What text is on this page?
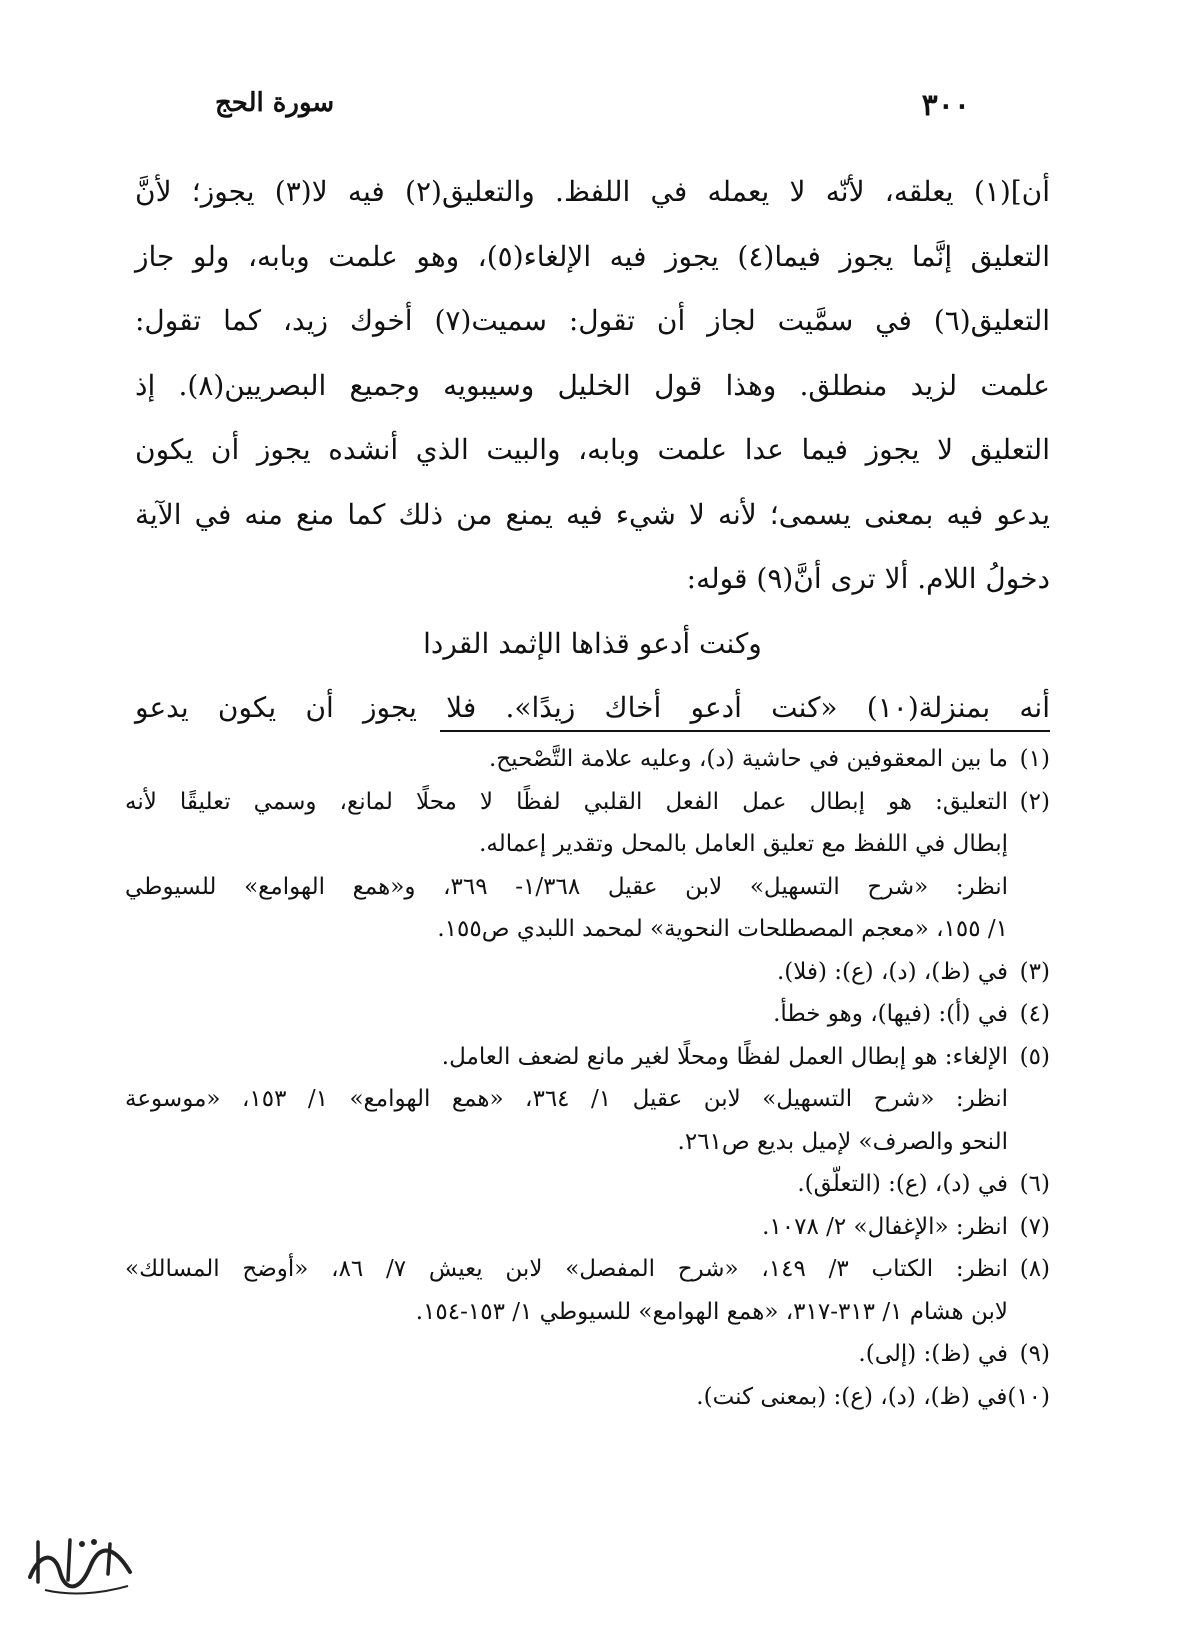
٣٠٠
سورة الحج
أن](١) يعلقه، لأنّه لا يعمله في اللفظ. والتعليق(٢) فيه لا(٣) يجوز؛ لأنَّ
التعليق إنَّما يجوز فيما(٤) يجوز فيه الإلغاء(٥)، وهو علمت وبابه، ولو جاز
التعليق(٦) في سمَّيت لجاز أن تقول: سميت(٧) أخوك زيد، كما تقول:
علمت لزيد منطلق. وهذا قول الخليل وسيبويه وجميع البصريين(٨). إذ
التعليق لا يجوز فيما عدا علمت وبابه، والبيت الذي أنشده يجوز أن يكون
يدعو فيه بمعنى يسمى؛ لأنه لا شيء فيه يمنع من ذلك كما منع منه في الآية
دخولُ اللام. ألا ترى أنَّ(٩) قوله:
وكنت أدعو قذاها الإثمد القردا
أنه بمنزلة(١٠) «كنت أدعو أخاك زيدًا». فلا يجوز أن يكون يدعو
(١)ما بين المعقوفين في حاشية (د)، وعليه علامة التَّصْحيح.
(٢)التعليق: هو إبطال عمل الفعل القلبي لفظًا لا محلًا لمانع، وسمي تعليقًا لأنه
إبطال في اللفظ مع تعليق العامل بالمحل وتقدير إعماله.
انظر: «شرح التسهيل» لابن عقيل ١/٣٦٨- ٣٦٩، و«همع الهوامع» للسيوطي
١/ ١٥٥، «معجم المصطلحات النحوية» لمحمد اللبدي ص١٥٥.
(٣)في (ظ)، (د)، (ع): (فلا).
(٤)في (أ): (فيها)، وهو خطأ.
(٥)الإلغاء: هو إبطال العمل لفظًا ومحلًا لغير مانع لضعف العامل.
انظر: «شرح التسهيل» لابن عقيل ١/ ٣٦٤، «همع الهوامع» ١/ ١٥٣، «موسوعة
النحو والصرف» لإميل بديع ص٢٦١.
(٦)في (د)، (ع): (التعلّق).
(٧)انظر: «الإغفال» ٢/ ١٠٧٨.
(٨)انظر: الكتاب ٣/ ١٤٩، «شرح المفصل» لابن يعيش ٧/ ٨٦، «أوضح المسالك»
لابن هشام ١/ ٣١٣-٣١٧، «همع الهوامع» للسيوطي ١/ ١٥٣-١٥٤.
(٩)في (ظ): (إلى).
(١٠)في (ظ)، (د)، (ع): (بمعنى كنت).
